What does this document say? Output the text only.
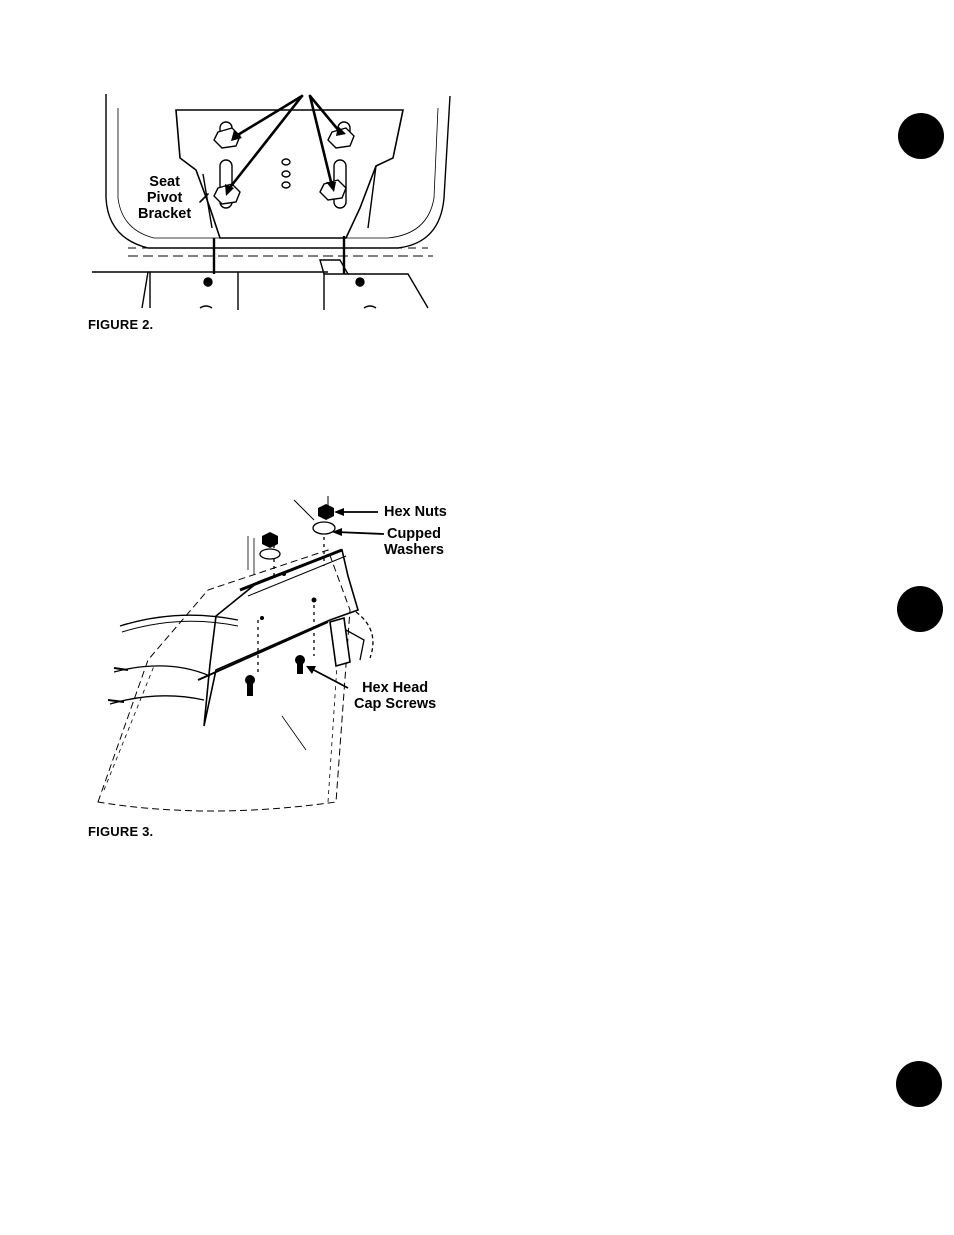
Seat
Pivot
Bracket
FIGURE 2.
Hex Nuts
Cupped
Washers
Hex Head
Cap Screws
FIGURE 3.
